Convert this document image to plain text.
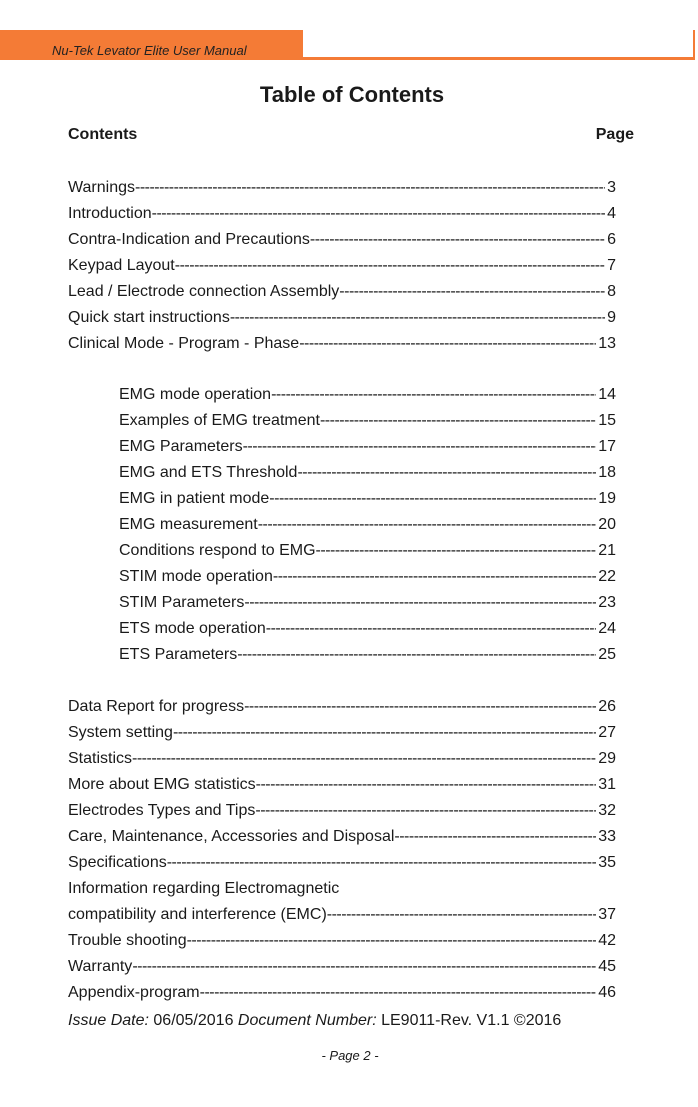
Nu-Tek Levator Elite User Manual
Table of Contents
Contents	Page
Warnings -----	3
Introduction -----	4
Contra-Indication and Precautions -----	6
Keypad Layout -----	7
Lead / Electrode connection Assembly -----	8
Quick start instructions -----	9
Clinical Mode - Program - Phase -----	13
EMG mode operation -----	14
Examples of EMG treatment -----	15
EMG Parameters -----	17
EMG and ETS Threshold -----	18
EMG in patient mode -----	19
EMG measurement -----	20
Conditions respond to EMG -----	21
STIM mode operation -----	22
STIM Parameters -----	23
ETS mode operation -----	24
ETS Parameters -----	25
Data Report for progress -----	26
System setting -----	27
Statistics -----	29
More about EMG statistics -----	31
Electrodes Types and Tips -----	32
Care, Maintenance, Accessories and Disposal -----	33
Specifications -----	35
Information regarding Electromagnetic
compatibility and interference (EMC) -----	37
Trouble shooting -----	42
Warranty -----	45
Appendix-program -----	46
Issue Date: 06/05/2016 Document Number: LE9011-Rev. V1.1 ©2016
- Page 2 -
